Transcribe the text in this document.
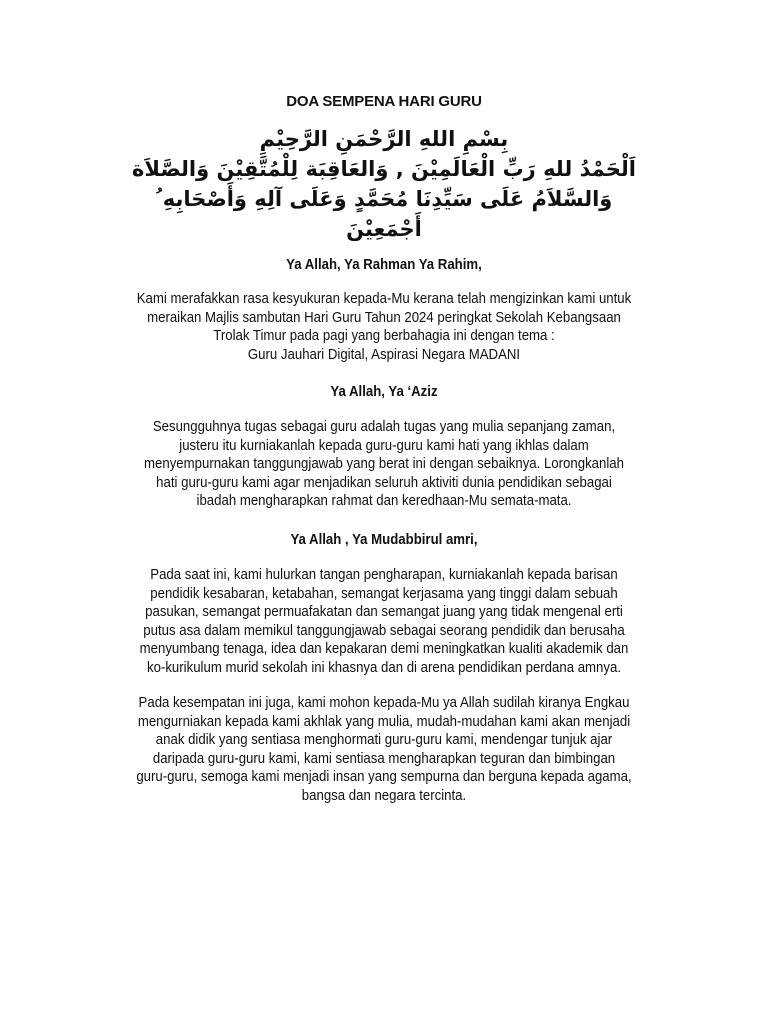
DOA SEMPENA HARI GURU
بِسْمِ اللهِ الرَّحْمَنِ الرَّحِيْمِ
اَلْحَمْدُ للهِ رَبِّ الْعَالَمِيْنَ , وَالعَاقِبَة لِلْمُتَّقِيْنَ وَالصَّلاَة
وَالسَّلاَمُ عَلَى سَيِّدِنَا مُحَمَّدٍ وَعَلَى آلِهِ وَأَصْحَابِهِ ُ
أَجْمَعِيْنَ
Ya Allah, Ya Rahman Ya Rahim,
Kami merafakkan rasa kesyukuran kepada-Mu kerana telah mengizinkan kami untuk
meraikan Majlis sambutan Hari Guru Tahun 2024 peringkat Sekolah Kebangsaan
Trolak Timur pada pagi yang berbahagia ini dengan tema :
Guru Jauhari Digital, Aspirasi Negara MADANI
Ya Allah, Ya ‘Aziz
Sesungguhnya tugas sebagai guru adalah tugas yang mulia sepanjang zaman,
justeru itu kurniakanlah kepada guru-guru kami hati yang ikhlas dalam
menyempurnakan tanggungjawab yang berat ini dengan sebaiknya. Lorongkanlah
hati guru-guru kami agar menjadikan seluruh aktiviti dunia pendidikan sebagai
ibadah mengharapkan rahmat dan keredhaan-Mu semata-mata.
Ya Allah , Ya Mudabbirul amri,
Pada saat ini, kami hulurkan tangan pengharapan, kurniakanlah kepada barisan
pendidik kesabaran, ketabahan, semangat kerjasama yang tinggi dalam sebuah
pasukan, semangat permuafakatan dan semangat juang yang tidak mengenal erti
putus asa dalam memikul tanggungjawab sebagai seorang pendidik dan berusaha
menyumbang tenaga, idea dan kepakaran demi meningkatkan kualiti akademik dan
ko-kurikulum murid sekolah ini khasnya dan di arena pendidikan perdana amnya.
Pada kesempatan ini juga, kami mohon kepada-Mu ya Allah sudilah kiranya Engkau
mengurniakan kepada kami akhlak yang mulia, mudah-mudahan kami akan menjadi
anak didik yang sentiasa menghormati guru-guru kami, mendengar tunjuk ajar
daripada guru-guru kami, kami sentiasa mengharapkan teguran dan bimbingan
guru-guru, semoga kami menjadi insan yang sempurna dan berguna kepada agama,
bangsa dan negara tercinta.
